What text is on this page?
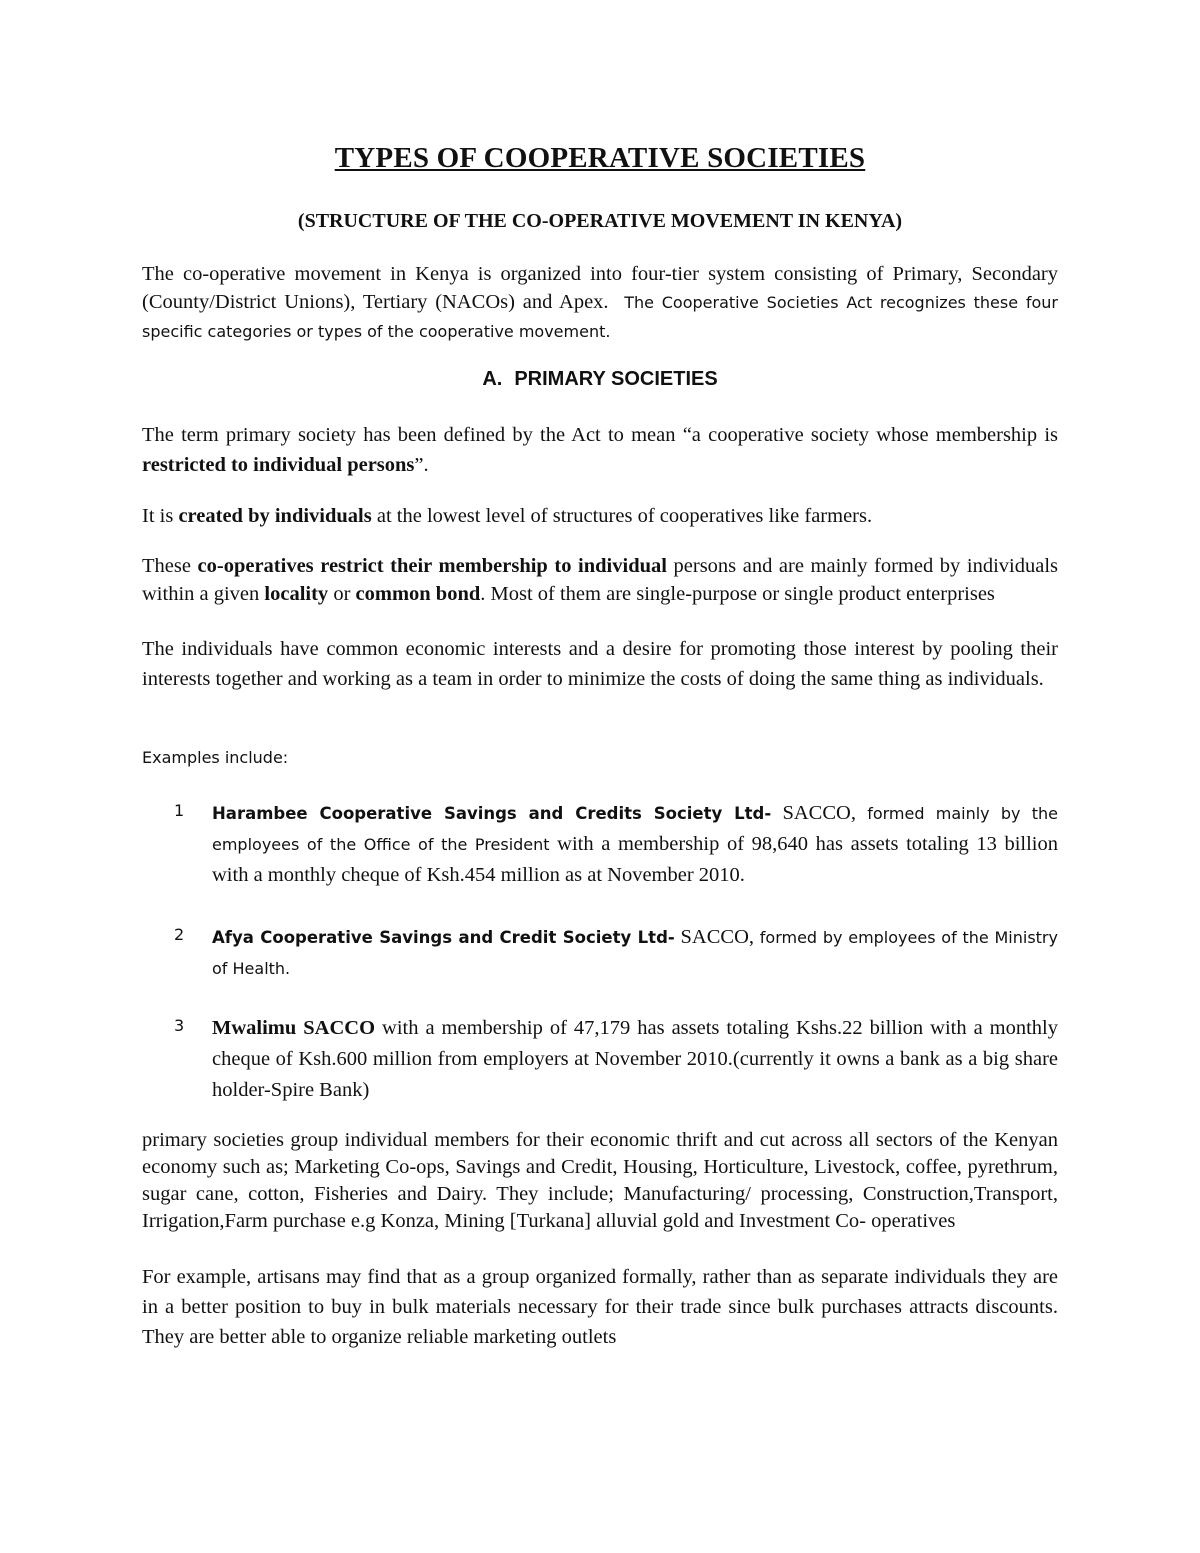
TYPES OF COOPERATIVE SOCIETIES
(STRUCTURE OF THE CO-OPERATIVE MOVEMENT IN KENYA)
The co-operative movement in Kenya is organized into four-tier system consisting of Primary, Secondary (County/District Unions), Tertiary (NACOs) and Apex. The Cooperative Societies Act recognizes these four specific categories or types of the cooperative movement.
A. PRIMARY SOCIETIES
The term primary society has been defined by the Act to mean “a cooperative society whose membership is restricted to individual persons”.
It is created by individuals at the lowest level of structures of cooperatives like farmers.
These co-operatives restrict their membership to individual persons and are mainly formed by individuals within a given locality or common bond. Most of them are single-purpose or single product enterprises
The individuals have common economic interests and a desire for promoting those interest by pooling their interests together and working as a team in order to minimize the costs of doing the same thing as individuals.
Examples include:
1 Harambee Cooperative Savings and Credits Society Ltd- SACCO, formed mainly by the employees of the Office of the President with a membership of 98,640 has assets totaling 13 billion with a monthly cheque of Ksh.454 million as at November 2010.
2 Afya Cooperative Savings and Credit Society Ltd- SACCO, formed by employees of the Ministry of Health.
3 Mwalimu SACCO with a membership of 47,179 has assets totaling Kshs.22 billion with a monthly cheque of Ksh.600 million from employers at November 2010.(currently it owns a bank as a big share holder-Spire Bank)
primary societies group individual members for their economic thrift and cut across all sectors of the Kenyan economy such as; Marketing Co-ops, Savings and Credit, Housing, Horticulture, Livestock, coffee, pyrethrum, sugar cane, cotton, Fisheries and Dairy. They include; Manufacturing/ processing, Construction,Transport, Irrigation,Farm purchase e.g Konza, Mining [Turkana] alluvial gold and Investment Co- operatives
For example, artisans may find that as a group organized formally, rather than as separate individuals they are in a better position to buy in bulk materials necessary for their trade since bulk purchases attracts discounts. They are better able to organize reliable marketing outlets
